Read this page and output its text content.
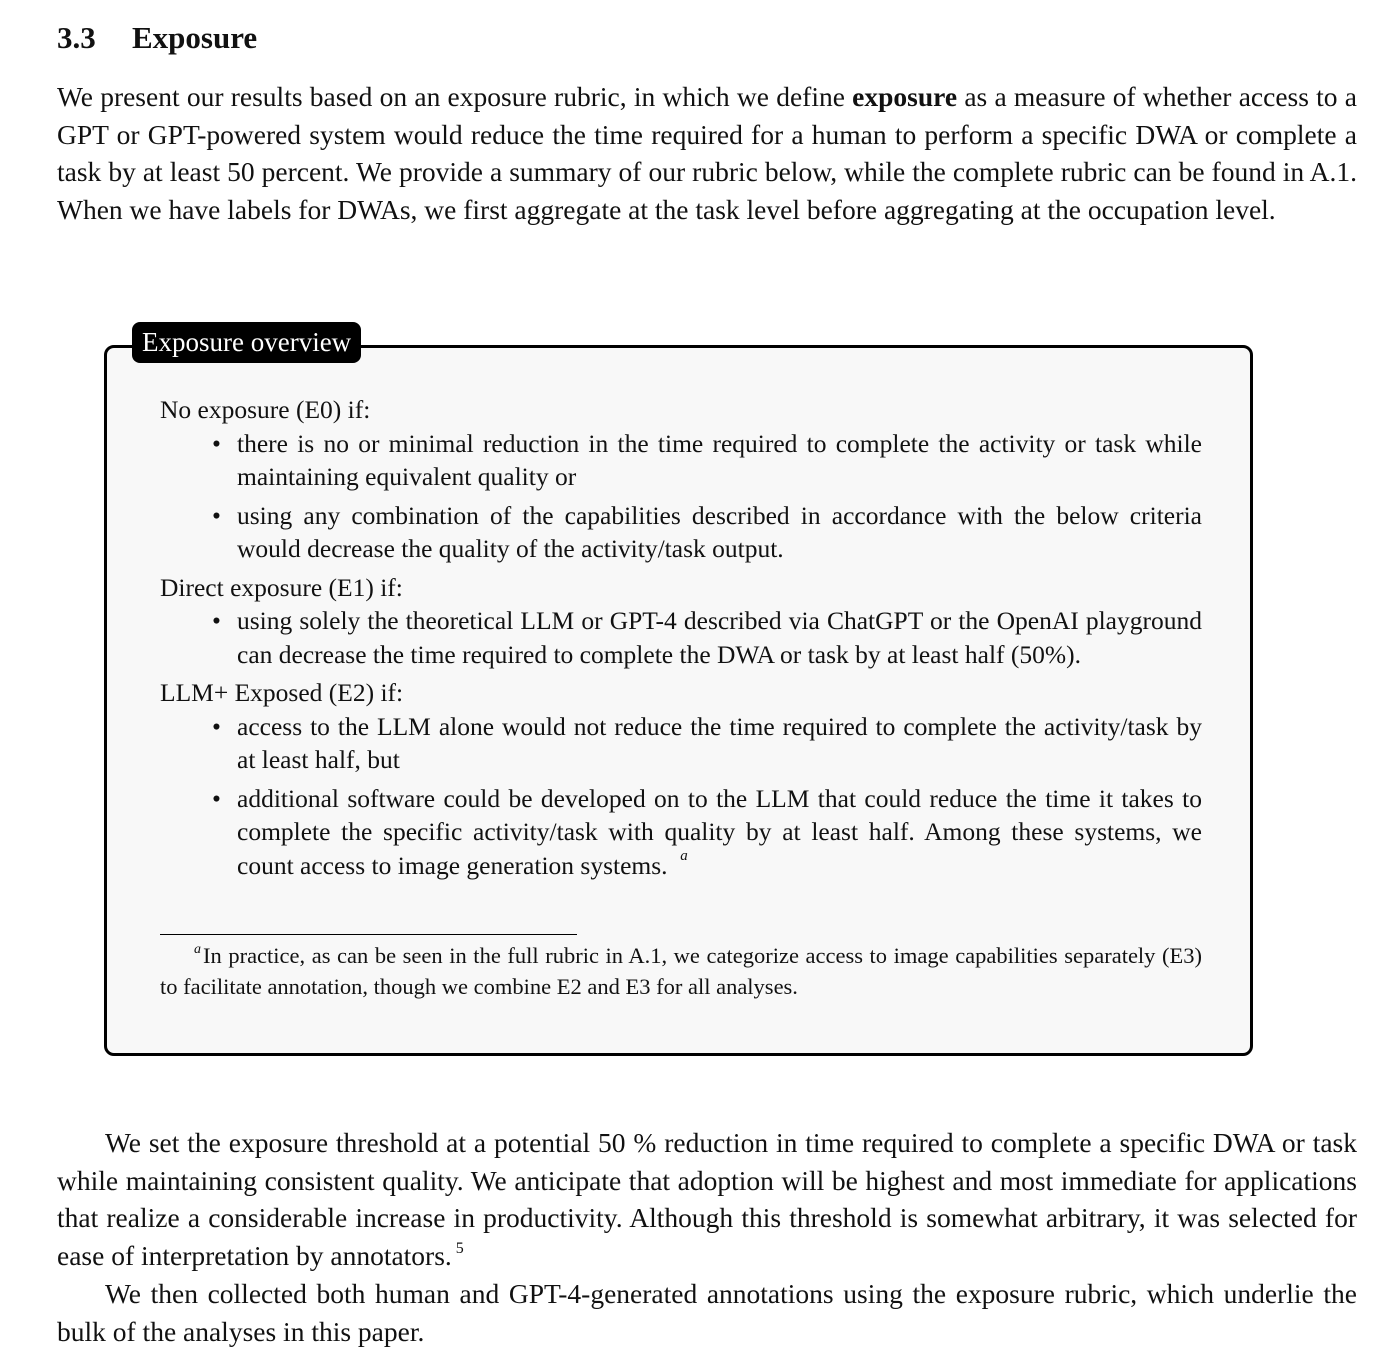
3.3 Exposure

We present our results based on an exposure rubric, in which we define exposure as a measure of whether access to a GPT or GPT-powered system would reduce the time required for a human to perform a specific DWA or complete a task by at least 50 percent. We provide a summary of our rubric below, while the complete rubric can be found in A.1. When we have labels for DWAs, we first aggregate at the task level before aggregating at the occupation level.

Exposure overview

No exposure (E0) if:

• there is no or minimal reduction in the time required to complete the activity or task while maintaining equivalent quality or
• using any combination of the capabilities described in accordance with the below criteria would decrease the quality of the activity/task output.

Direct exposure (E1) if:

• using solely the theoretical LLM or GPT-4 described via ChatGPT or the OpenAI playground can decrease the time required to complete the DWA or task by at least half (50%).

LLM+ Exposed (E2) if:

• access to the LLM alone would not reduce the time required to complete the activity/task by at least half, but
• additional software could be developed on to the LLM that could reduce the time it takes to complete the specific activity/task with quality by at least half. Among these systems, we count access to image generation systems. $^a$

$^a$In practice, as can be seen in the full rubric in A.1, we categorize access to image capabilities separately (E3) to facilitate annotation, though we combine E2 and E3 for all analyses.

We set the exposure threshold at a potential 50 % reduction in time required to complete a specific DWA or task while maintaining consistent quality. We anticipate that adoption will be highest and most immediate for applications that realize a considerable increase in productivity. Although this threshold is somewhat arbitrary, it was selected for ease of interpretation by annotators. $^5$

We then collected both human and GPT-4-generated annotations using the exposure rubric, which underlie the bulk of the analyses in this paper.
